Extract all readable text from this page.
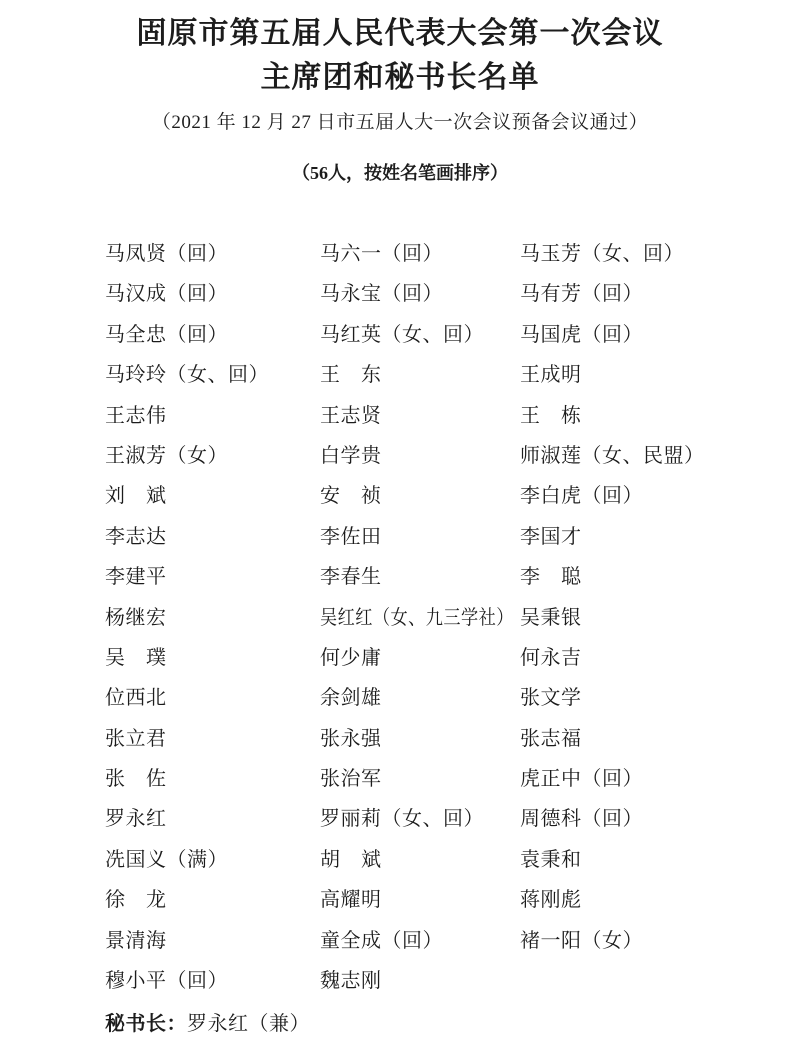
固原市第五届人民代表大会第一次会议
主席团和秘书长名单
（2021 年 12 月 27 日市五届人大一次会议预备会议通过）
（56人，按姓名笔画排序）
马凤贤（回）	马六一（回）	马玉芳（女、回）
马汉成（回）	马永宝（回）	马有芳（回）
马全忠（回）	马红英（女、回） 马国虎（回）
马玲玲（女、回）	王　东	王成明
王志伟	王志贤	王　栋
王淑芳（女）	白学贵	师淑莲（女、民盟）
刘　斌	安　祯	李白虎（回）
李志达	李佐田	李国才
李建平	李春生	李　聪
杨继宏	吴红红（女、九三学社） 吴秉银
吴　璞	何少庸	何永吉
位西北	余剑雄	张文学
张立君	张永强	张志福
张　佐	张治军	虎正中（回）
罗永红	罗丽莉（女、回） 周德科（回）
冼国义（满）	胡　斌	袁秉和
徐　龙	高耀明	蒋刚彪
景清海	童全成（回）	褚一阳（女）
穆小平（回）	魏志刚
秘书长：罗永红（兼）
